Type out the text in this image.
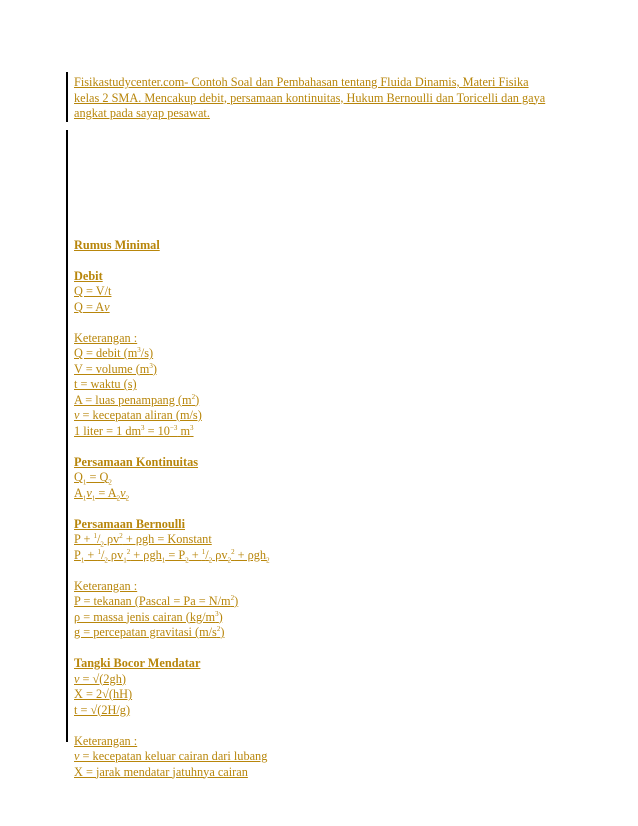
Fisikastudycenter.com- Contoh Soal dan Pembahasan tentang Fluida Dinamis, Materi Fisika

kelas 2 SMA. Mencakup debit, persamaan kontinuitas, Hukum Bernoulli dan Toricelli dan gaya

angkat pada sayap pesawat.

Rumus Minimal

Debit

Q = V/t

Q = Av

Keterangan :

Q = debit $(m^3/s)$

V = volume $(m^3)$

t = waktu (s)

A = luas penampang $(m^2)$

v = kecepatan aliran (m/s)

1 liter = 1 $dm^3 = 10^{-3}$ $m^3$

Persamaan Kontinuitas

$Q_1 = Q_2$

$A_1v_1 = A_2v_2$

Persamaan Bernoulli

$P + ^1/_2$ $\rho v^2 + \rho gh$ = Konstant

$P_1 + ^1/_2$ $\rho v_1^2 + \rho gh_1 = P_2 + ^1/_2$ $\rho v_2^2 + \rho gh_2$

Keterangan :

P = tekanan (Pascal = $Pa = N/m^2$)

ρ = massa jenis cairan $(kg/m^3)$

g = percepatan gravitasi $(m/s^2)$

Tangki Bocor Mendatar

v = √(2gh)

X = 2√(hH)

t = √(2H/g)

Keterangan :

v = kecepatan keluar cairan dari lubang

X = jarak mendatar jatuhnya cairan
